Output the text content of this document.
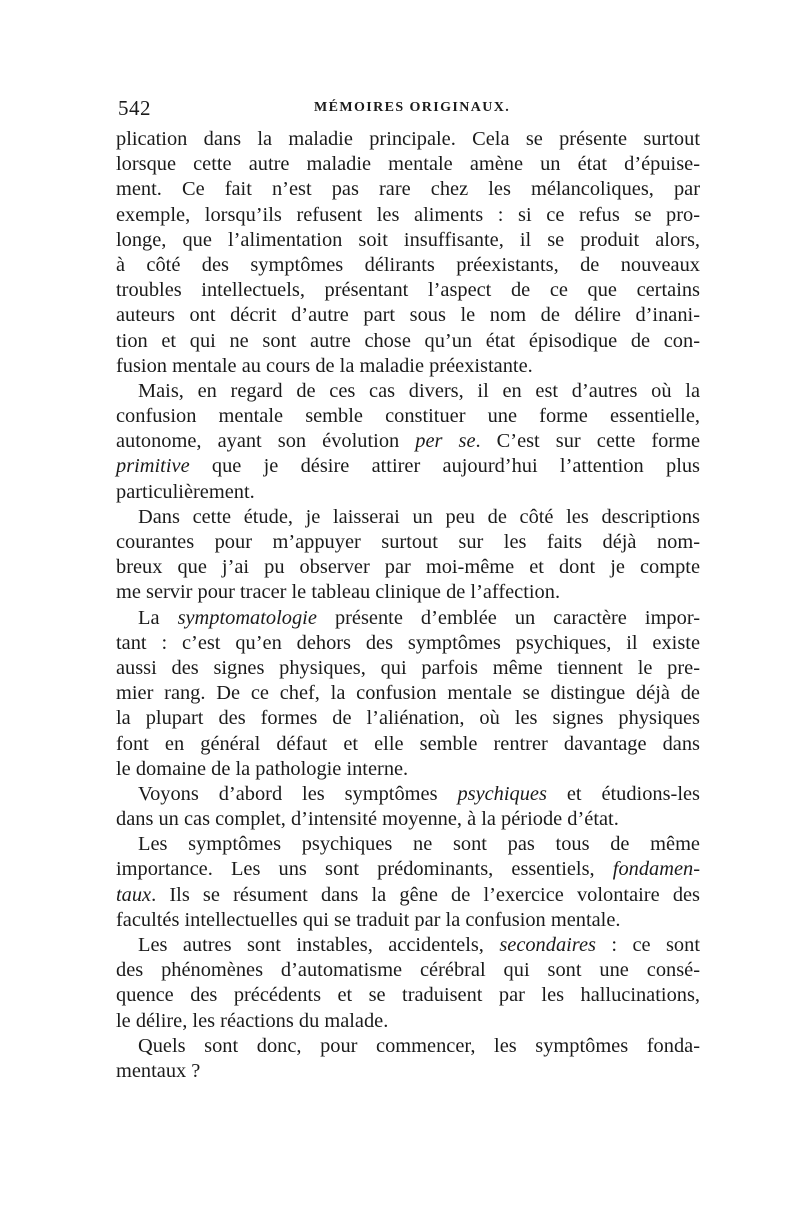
542	MÉMOIRES ORIGINAUX.
plication dans la maladie principale. Cela se présente surtout
lorsque cette autre maladie mentale amène un état d’épuise-
ment. Ce fait n’est pas rare chez les mélancoliques, par
exemple, lorsqu’ils refusent les aliments : si ce refus se pro-
longe, que l’alimentation soit insuffisante, il se produit alors,
à côté des symptômes délirants préexistants, de nouveaux
troubles intellectuels, présentant l’aspect de ce que certains
auteurs ont décrit d’autre part sous le nom de délire d’inani-
tion et qui ne sont autre chose qu’un état épisodique de con-
fusion mentale au cours de la maladie préexistante.
Mais, en regard de ces cas divers, il en est d’autres où la
confusion mentale semble constituer une forme essentielle,
autonome, ayant son évolution per se. C’est sur cette forme
primitive que je désire attirer aujourd’hui l’attention plus
particulièrement.
Dans cette étude, je laisserai un peu de côté les descriptions
courantes pour m’appuyer surtout sur les faits déjà nom-
breux que j’ai pu observer par moi-même et dont je compte
me servir pour tracer le tableau clinique de l’affection.
La symptomatologie présente d’emblée un caractère impor-
tant : c’est qu’en dehors des symptômes psychiques, il existe
aussi des signes physiques, qui parfois même tiennent le pre-
mier rang. De ce chef, la confusion mentale se distingue déjà de
la plupart des formes de l’aliénation, où les signes physiques
font en général défaut et elle semble rentrer davantage dans
le domaine de la pathologie interne.
Voyons d’abord les symptômes psychiques et étudions-les
dans un cas complet, d’intensité moyenne, à la période d’état.
Les symptômes psychiques ne sont pas tous de même
importance. Les uns sont prédominants, essentiels, fondamen-
taux. Ils se résument dans la gêne de l’exercice volontaire des
facultés intellectuelles qui se traduit par la confusion mentale.
Les autres sont instables, accidentels, secondaires : ce sont
des phénomènes d’automatisme cérébral qui sont une consé-
quence des précédents et se traduisent par les hallucinations,
le délire, les réactions du malade.
Quels sont donc, pour commencer, les symptômes fonda-
mentaux ?
